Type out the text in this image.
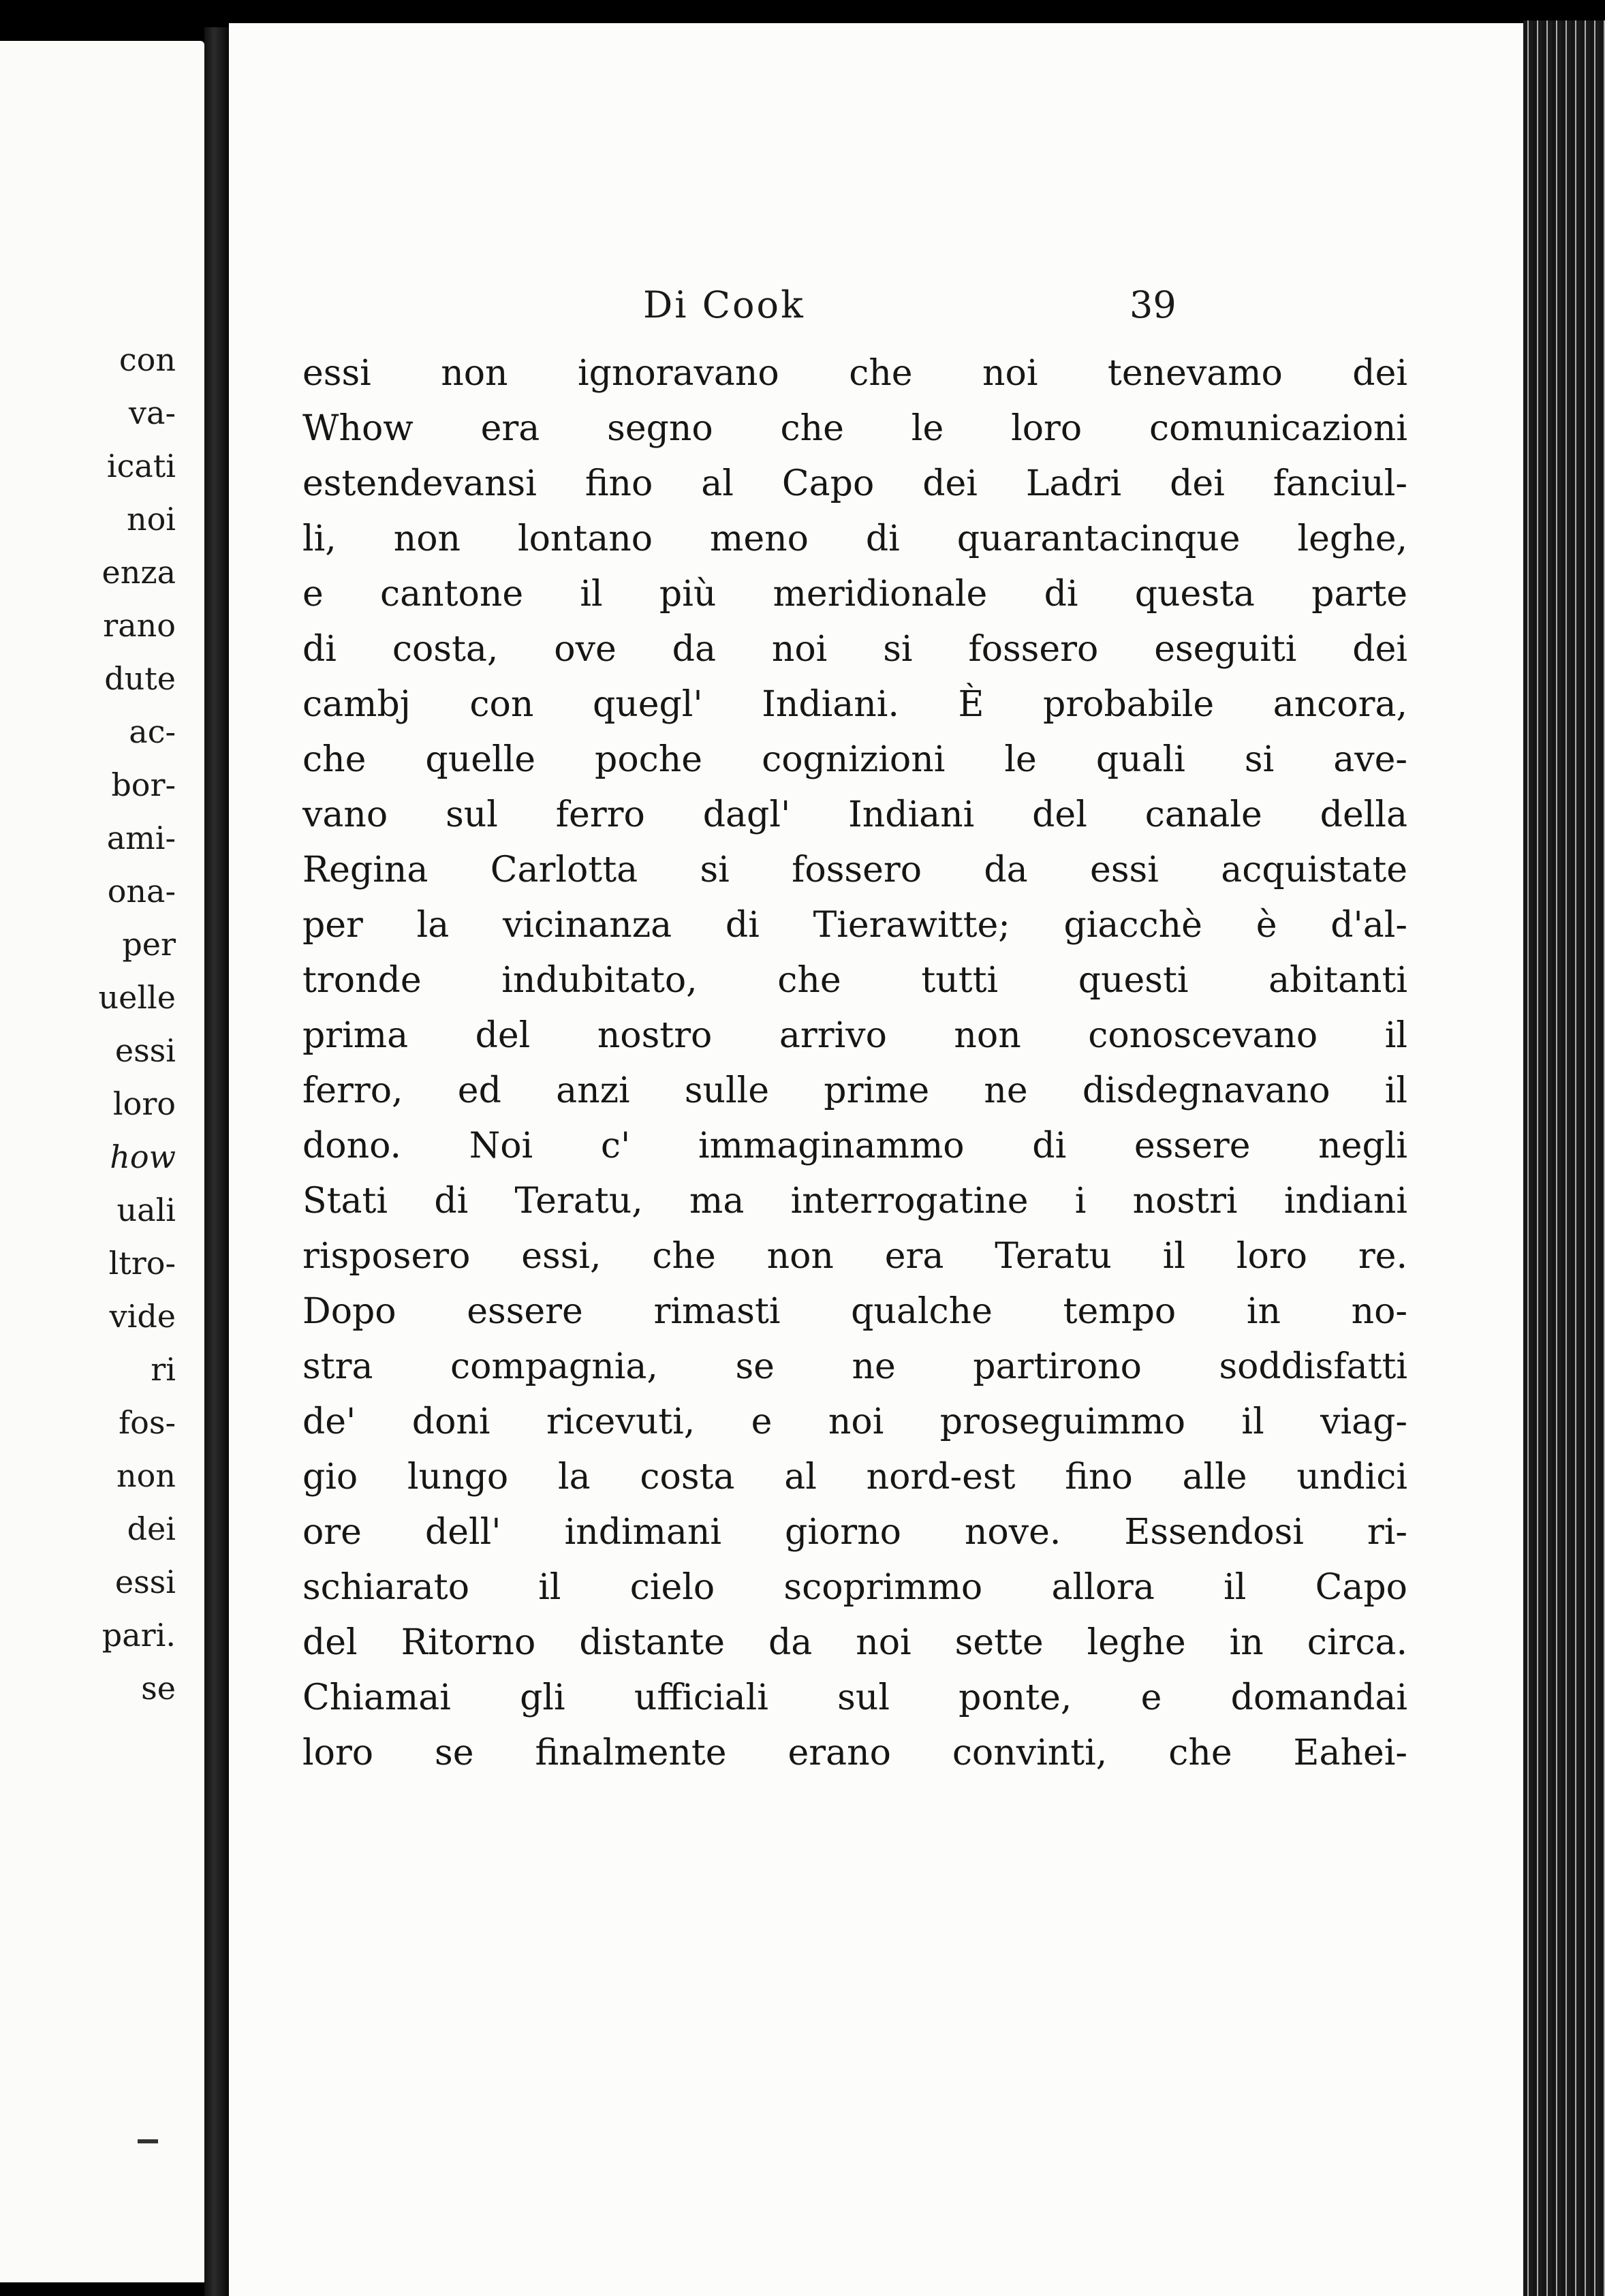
con
va-
icati
noi
enza
rano
dute
ac-
bor-
ami-
ona-
per
uelle
essi
loro
how
uali
ltro-
vide
ri
fos-
non
dei
essi
pari.
se
Di Cook	39
essi non ignoravano che noi tenevamo dei
Whow era segno che le loro comunicazioni
estendevansi fino al Capo dei Ladri dei fanciul-
li, non lontano meno di quarantacinque leghe,
e cantone il più meridionale di questa parte
di costa, ove da noi si fossero eseguiti dei
cambj con quegl' Indiani. È probabile ancora,
che quelle poche cognizioni le quali si ave-
vano sul ferro dagl' Indiani del canale della
Regina Carlotta si fossero da essi acquistate
per la vicinanza di Tierawitte; giacchè è d'al-
tronde indubitato, che tutti questi abitanti
prima del nostro arrivo non conoscevano il
ferro, ed anzi sulle prime ne disdegnavano il
dono. Noi c' immaginammo di essere negli
Stati di Teratu, ma interrogatine i nostri indiani
risposero essi, che non era Teratu il loro re.
Dopo essere rimasti qualche tempo in no-
stra compagnia, se ne partirono soddisfatti
de' doni ricevuti, e noi proseguimmo il viag-
gio lungo la costa al nord-est fino alle undici
ore dell' indimani giorno nove. Essendosi ri-
schiarato il cielo scoprimmo allora il Capo
del Ritorno distante da noi sette leghe in circa.
Chiamai gli ufficiali sul ponte, e domandai
loro se finalmente erano convinti, che Eahei-
